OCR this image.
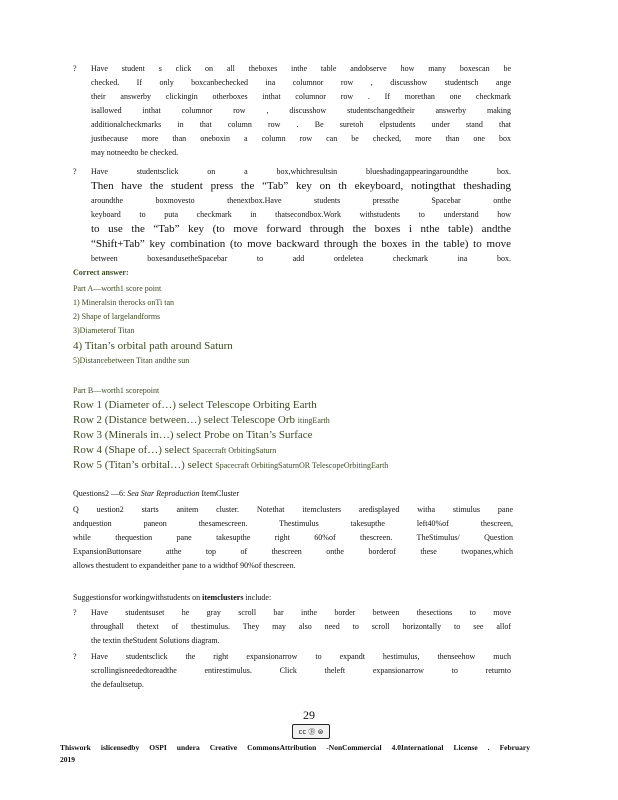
? Have student s click on all theboxes inthe table andobserve how many boxescan be
checked. If only boxcanbechecked ina columnor row , discusshow studentsch ange
their answerby clickingin otherboxes inthat columnor row . If morethan one checkmark
isallowed inthat columnor row , discusshow studentschangedtheir answerby making
additionalcheckmarks in that column row . Be suretoh elpstudents under stand that
justbecause more than oneboxin a column row can be checked, more than one box
may notneedto be checked.
? Have studentsclick on a box,whichresultsin blueshadingappearingaroundthe box.
Then have the student press the “Tab” key on th ekeyboard, notingthat theshading
aroundthe boxmovesto thenextbox.Have students pressthe Spacebar onthe
keyboard to puta checkmark in thatsecondbox.Work withstudents to understand how
to use the “Tab” key (to move forward through the boxes i nthe table) andthe
“Shift+Tab” key combination (to move backward through the boxes in the table) to move
between boxesandusetheSpacebar to add ordeletea checkmark ina box.
Correct answer:
Part A—worth1 score point
1) Mineralsin therocks onTi tan
2) Shape of largelandforms
3)Diameterof Titan
4) Titan’s orbital path around Saturn
5)Distancebetween Titan andthe sun
Part B—worth1 scorepoint
Row 1 (Diameter of…) select Telescope Orbiting Earth
Row 2 (Distance between…) select Telescope Orb itingEarth
Row 3 (Minerals in…) select Probe on Titan’s Surface
Row 4 (Shape of…) select Spacecraft OrbitingSaturn
Row 5 (Titan’s orbital…) select Spacecraft OrbitingSaturnOR TelescopeOrbitingEarth
Questions2 —6: Sea Star Reproduction ItemCluster
Q uestion2 starts anitem cluster. Notethat itemclusters aredisplayed witha stimulus pane
andquestion paneon thesamescreen. Thestimulus takesupthe left40%of thescreen,
while thequestion pane takesupthe right 60%of thescreen. TheStimulus/ Question
ExpansionButtonsare atthe top of thescreen onthe borderof these twopanes,which
allows thestudent to expandeither pane to a widthof 90%of thescreen.
Suggestionsfor workingwithstudents on itemclusters include:
? Have studentsuset he gray scroll bar inthe border between thesections to move
throughall thetext of thestimulus. They may also need to scroll horizontally to see allof
the textin theStudent Solutions diagram.
? Have studentsclick the right expansionarrow to expandt hestimulus, thenseehow much
scrollingisneededtoreadthe entirestimulus. Click theleft expansionarrow to returnto
the defaultsetup.
29
cc Ⓑ ⊜
Thiswork islicensedby OSPI undera Creative CommonsAttribution -NonCommercial 4.0International License . February
2019
